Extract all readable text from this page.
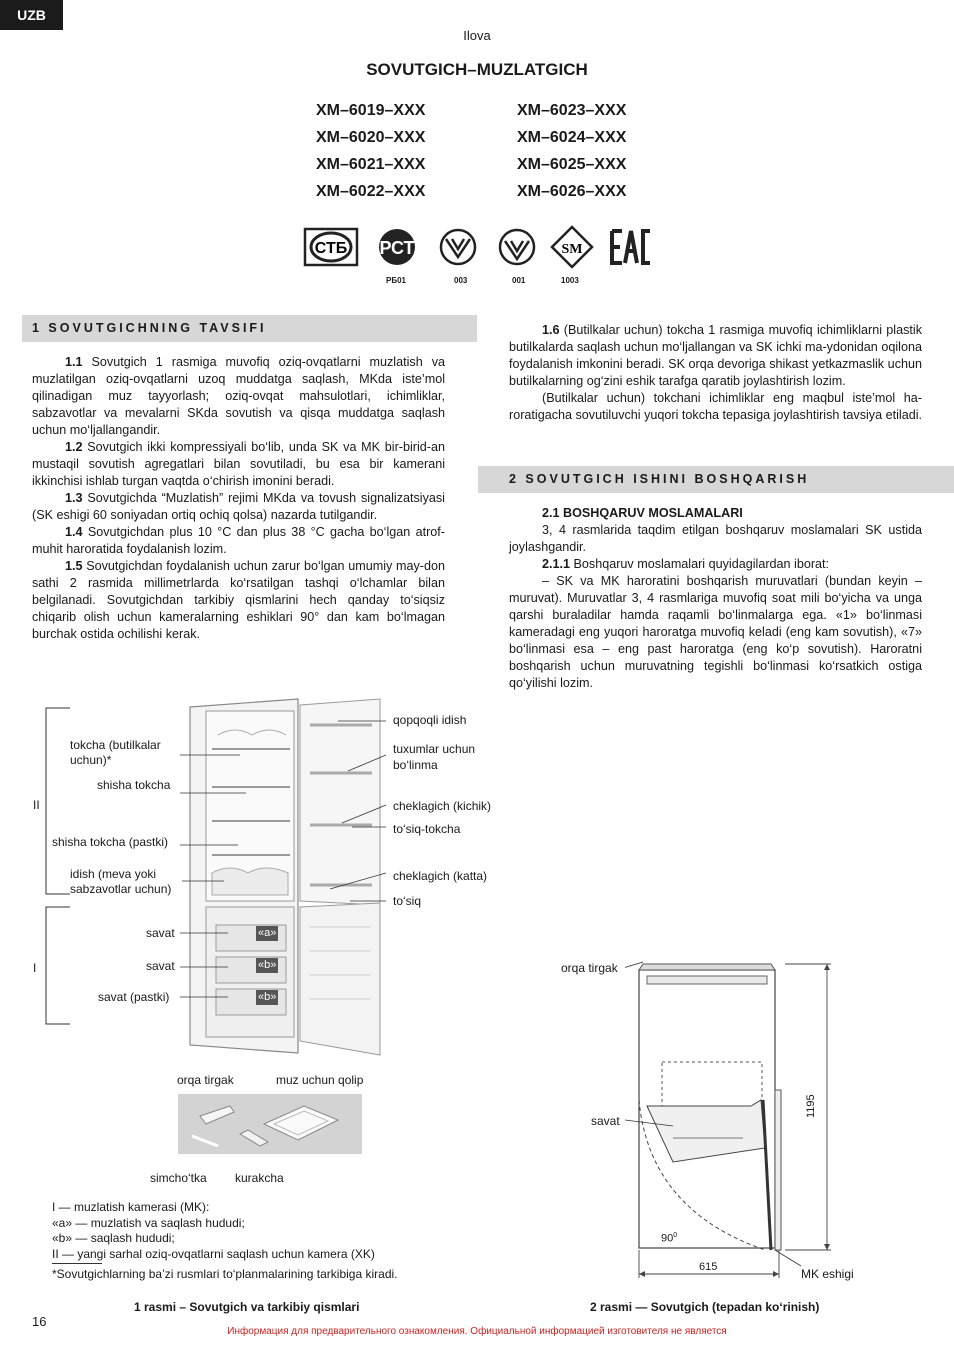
UZB
Ilova
SOVUTGICH–MUZLATGICH
ХМ–6019–ХХХ
ХМ–6020–ХХХ
ХМ–6021–ХХХ
ХМ–6022–ХХХ
ХМ–6023–ХХХ
ХМ–6024–ХХХ
ХМ–6025–ХХХ
ХМ–6026–ХХХ
СТБ РСТ	SM
РБ01	003	001	1003
1 SOVUTGICHNING TAVSIFI

1.1 Sovutgich 1 rasmiga muvofiq oziq-ovqatlarni muzlatish va muzlatilgan oziq-ovqatlarni uzoq muddatga saqlash, MKda iste’mol qilinadigan muz tayyorlash; oziq-ovqat mahsulotlari, ichimliklar, sabzavotlar va mevalarni SKda sovutish va qisqa muddatga saqlash uchun mo‘ljallangandir.

1.2 Sovutgich ikki kompressiyali bo‘lib, unda SK va MK bir-birid-an mustaqil sovutish agregatlari bilan sovutiladi, bu esa bir kamerani ikkinchisi ishlab turgan vaqtda o‘chirish imonini beradi.

1.3 Sovutgichda “Muzlatish” rejimi MKda va tovush signalizatsiyasi (SK eshigi 60 soniyadan ortiq ochiq qolsa) nazarda tutilgandir.

1.4 Sovutgichdan plus 10 °C dan plus 38 °C gacha bo‘lgan atrof-muhit haroratida foydalanish lozim.

1.5 Sovutgichdan foydalanish uchun zarur bo‘lgan umumiy may-don sathi 2 rasmida millimetrlarda ko‘rsatilgan tashqi o‘lchamlar bilan belgilanadi. Sovutgichdan tarkibiy qismlarini hech qanday to‘siqsiz chiqarib olish uchun kameralarning eshiklari 90° dan kam bo‘lmagan burchak ostida ochilishi kerak.

1.6 (Butilkalar uchun) tokcha 1 rasmiga muvofiq ichimliklarni plastik butilkalarda saqlash uchun mo‘ljallangan va SK ichki ma-ydonidan oqilona foydalanish imkonini beradi. SK orqa devoriga shikast yetkazmaslik uchun butilkalarning og‘zini eshik tarafga qaratib joylashtirish lozim.

(Butilkalar uchun) tokchani ichimliklar eng maqbul iste’mol ha-roratigacha sovutiluvchi yuqori tokcha tepasiga joylashtirish tavsiya etiladi.

2 SOVUTGICH ISHINI BOSHQARISH

2.1 BOSHQARUV MOSLAMALARI

3, 4 rasmlarida taqdim etilgan boshqaruv moslamalari SK ustida joylashgandir.

2.1.1 Boshqaruv moslamalari quyidagilardan iborat:

– SK va MK haroratini boshqarish muruvatlari (bundan keyin – muruvat). Muruvatlar 3, 4 rasmlariga muvofiq soat mili bo‘yicha va unga qarshi buraladilar hamda raqamli bo‘linmalarga ega. «1» bo‘linmasi kameradagi eng yuqori haroratga muvofiq keladi (eng kam sovutish), «7» bo‘linmasi esa – eng past haroratga (eng ko‘p sovutish). Haroratni boshqarish uchun muruvatning tegishli bo‘linmasi ko‘rsatkich ostiga qo‘yilishi lozim.

II
I
tokcha (butilkalar
uchun)*
shisha tokcha
shisha tokcha (pastki)
idish (meva yoki
sabzavotlar uchun)
savat
savat
savat (pastki)
«a»
«b»
«b»
qopqoqli idish
tuxumlar uchun
bo‘linma
cheklagich (kichik)
to‘siq-tokcha
cheklagich (katta)
to‘siq
orqa tirgak	muz uchun qolip
simcho‘tka kurakcha
I — muzlatish kamerasi (MK):
«a» — muzlatish va saqlash hududi;
«b» — saqlash hududi;
II — yangi sarhal oziq-ovqatlarni saqlash uchun kamera (XK)
*Sovutgichlarning ba’zi rusmlari to‘planmalarining tarkibiga kiradi.
1 rasmi – Sovutgich va tarkibiy qismlari
orqa tirgak
savat
MK eshigi
$90^0$
615
1195
2 rasmi — Sovutgich (tepadan ko‘rinish)
16
Информация для предварительного ознакомления. Официальной информацией изготовителя не является
